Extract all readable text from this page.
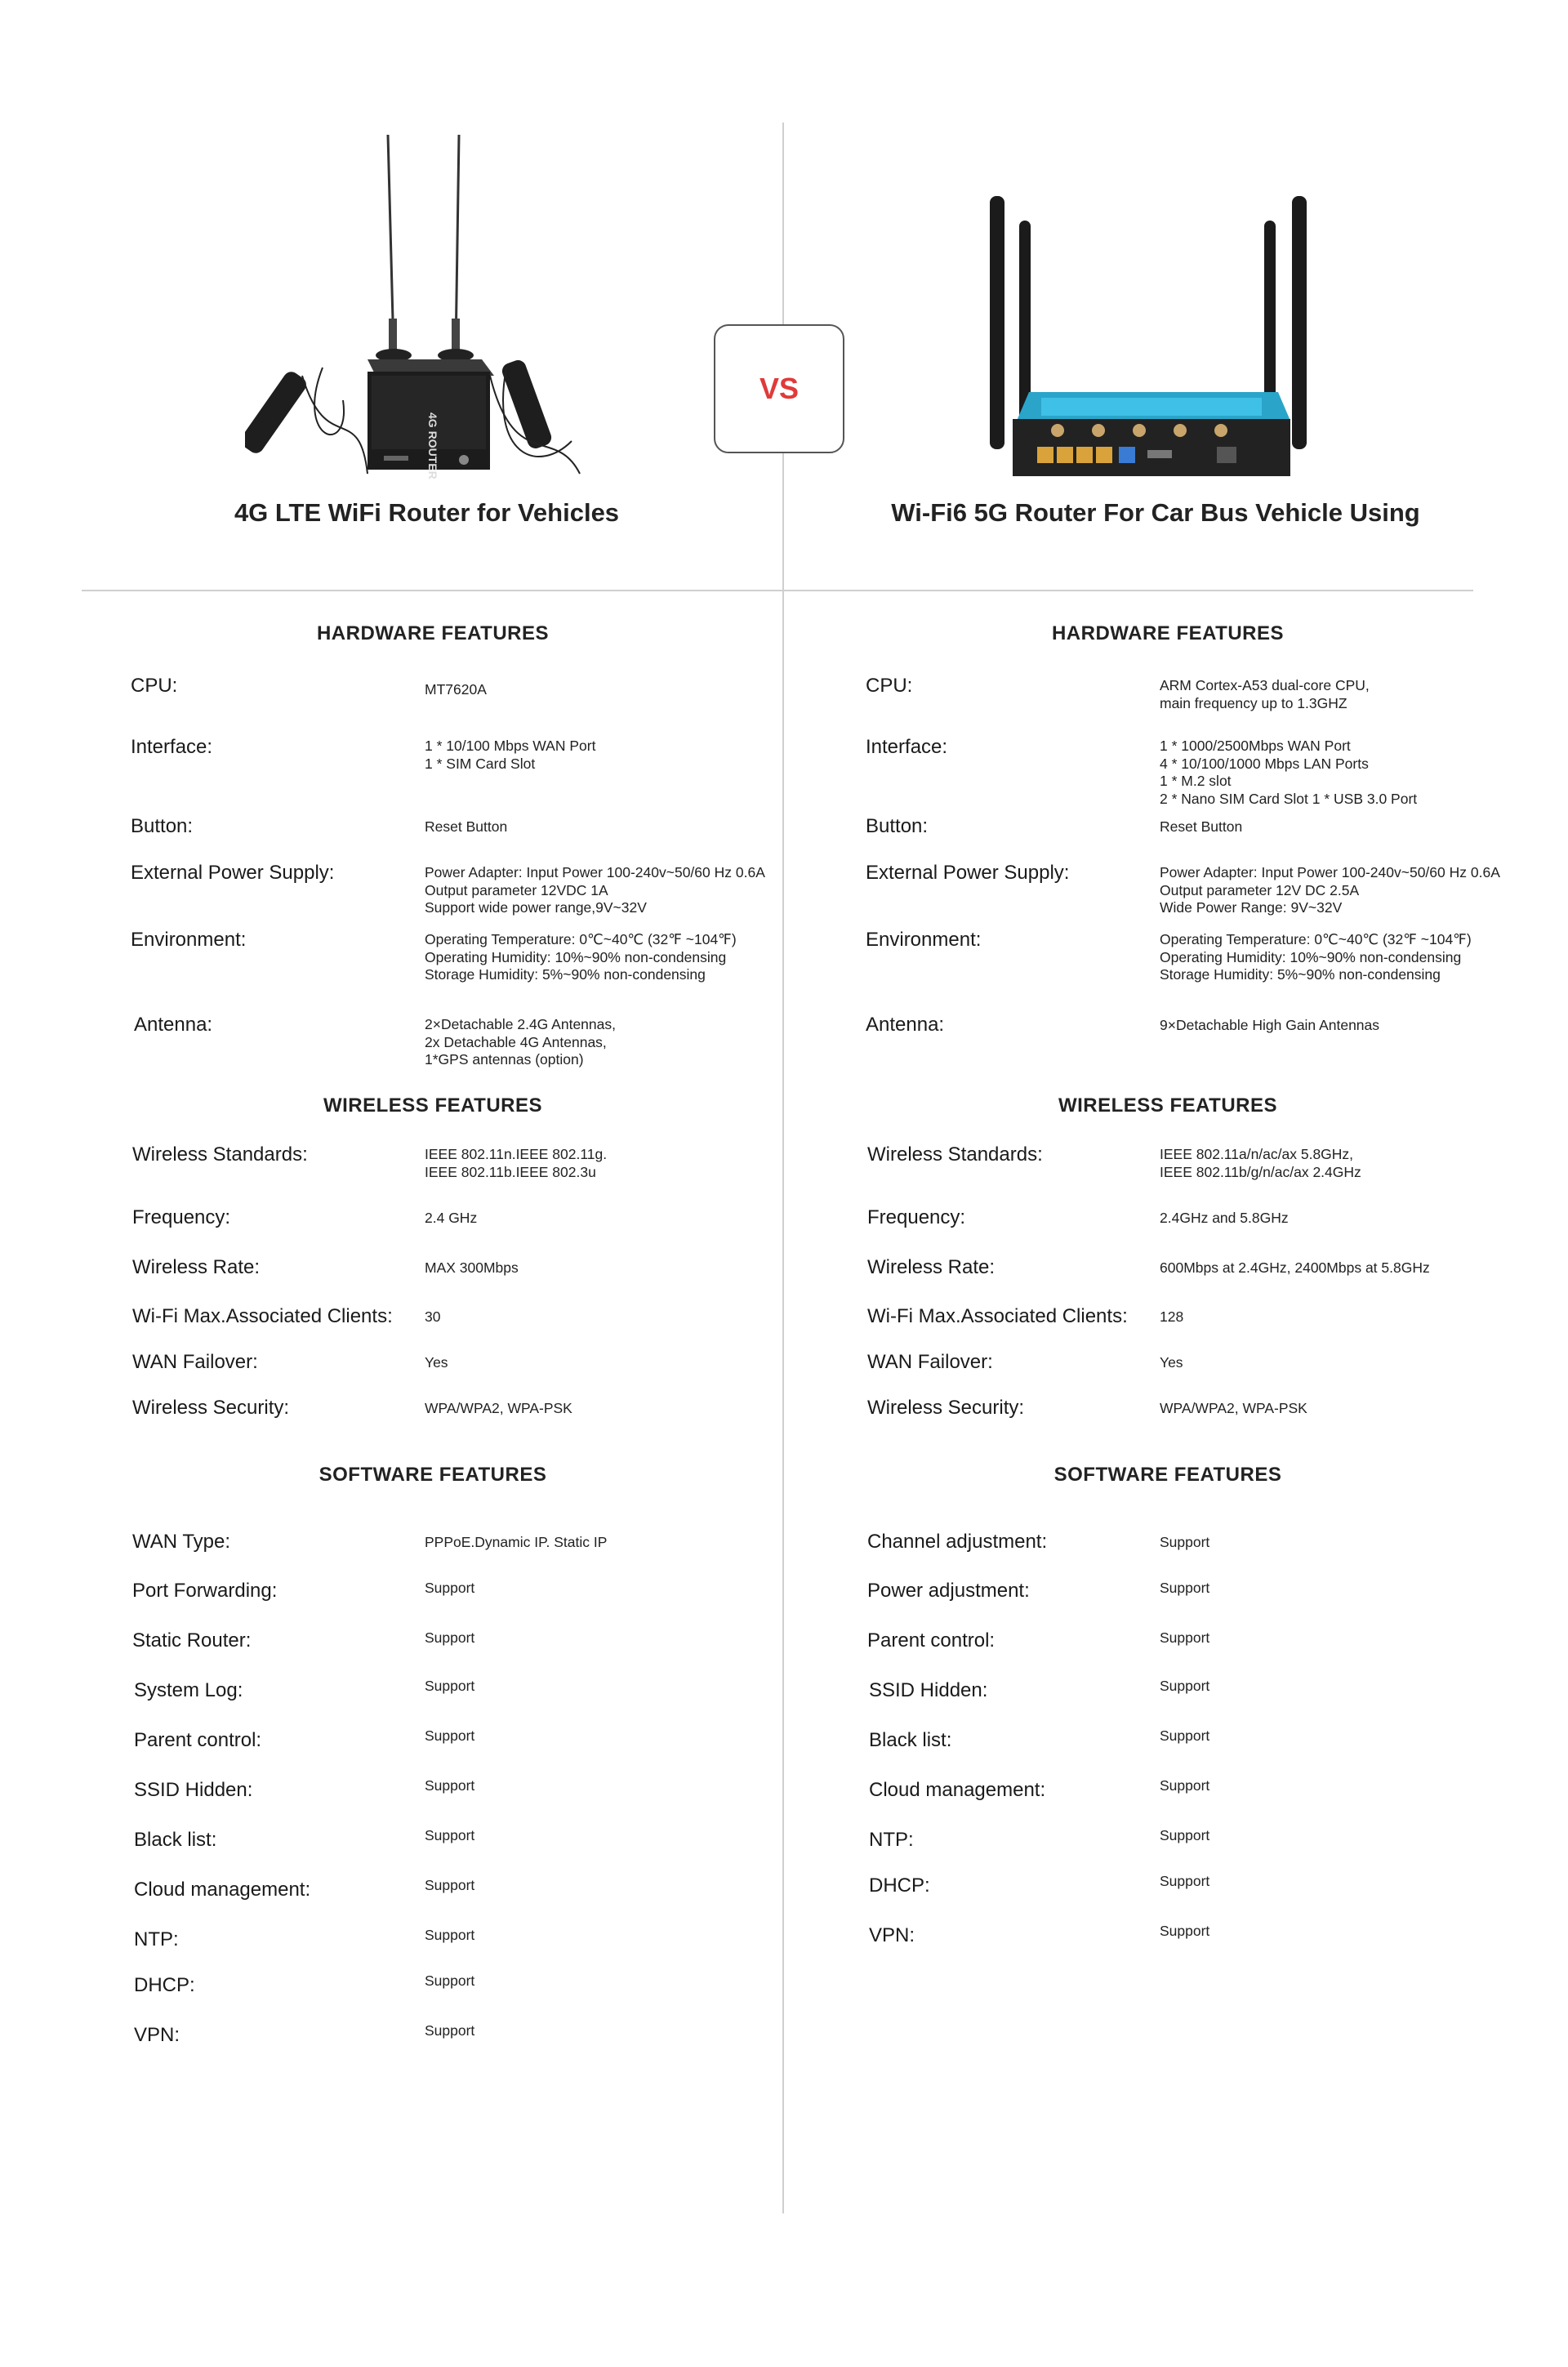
4G ROUTER
VS
4G LTE WiFi Router for Vehicles	Wi-Fi6 5G Router For Car Bus Vehicle Using
HARDWARE FEATURES
CPU:	MT7620A
Interface:	1 * 10/100 Mbps WAN Port
1 * SIM Card Slot
Button:	Reset Button
External Power Supply:	Power Adapter: Input Power 100-240v~50/60 Hz 0.6A
Output parameter 12VDC 1A
Support wide power range,9V~32V
Environment:	Operating Temperature: 0℃~40℃ (32℉ ~104℉)
Operating Humidity: 10%~90% non-condensing
Storage Humidity: 5%~90% non-condensing
Antenna:	2×Detachable 2.4G Antennas,
2x Detachable 4G Antennas,
1*GPS antennas (option)
WIRELESS FEATURES
Wireless Standards:	IEEE 802.11n.IEEE 802.11g.
IEEE 802.11b.IEEE 802.3u
Frequency:	2.4 GHz
Wireless Rate:	MAX 300Mbps
Wi-Fi Max.Associated Clients: 30
WAN Failover:	Yes
Wireless Security:	WPA/WPA2, WPA-PSK
SOFTWARE FEATURES
WAN Type:	PPPoE.Dynamic IP. Static IP
Port Forwarding:	Support
Static Router:	Support
System Log:	Support
Parent control:	Support
SSID Hidden:	Support
Black list:	Support
Cloud management:	Support
NTP:	Support
DHCP:	Support
VPN:	Support
HARDWARE FEATURES
CPU:	ARM Cortex-A53 dual-core CPU,
main frequency up to 1.3GHZ
Interface:	1 * 1000/2500Mbps WAN Port
4 * 10/100/1000 Mbps LAN Ports
1 * M.2 slot
2 * Nano SIM Card Slot 1 * USB 3.0 Port
Button:	Reset Button
External Power Supply:	Power Adapter: Input Power 100-240v~50/60 Hz 0.6A
Output parameter 12V DC 2.5A
Wide Power Range: 9V~32V
Environment:	Operating Temperature: 0℃~40℃ (32℉ ~104℉)
Operating Humidity: 10%~90% non-condensing
Storage Humidity: 5%~90% non-condensing
Antenna:	9×Detachable High Gain Antennas
WIRELESS FEATURES
Wireless Standards:	IEEE 802.11a/n/ac/ax 5.8GHz,
IEEE 802.11b/g/n/ac/ax 2.4GHz
Frequency:	2.4GHz and 5.8GHz
Wireless Rate:	600Mbps at 2.4GHz, 2400Mbps at 5.8GHz
Wi-Fi Max.Associated Clients: 128
WAN Failover:	Yes
Wireless Security:	WPA/WPA2, WPA-PSK
SOFTWARE FEATURES
Channel adjustment:	Support
Power adjustment:	Support
Parent control:	Support
SSID Hidden:	Support
Black list:	Support
Cloud management:	Support
NTP:	Support
DHCP:	Support
VPN:	Support
